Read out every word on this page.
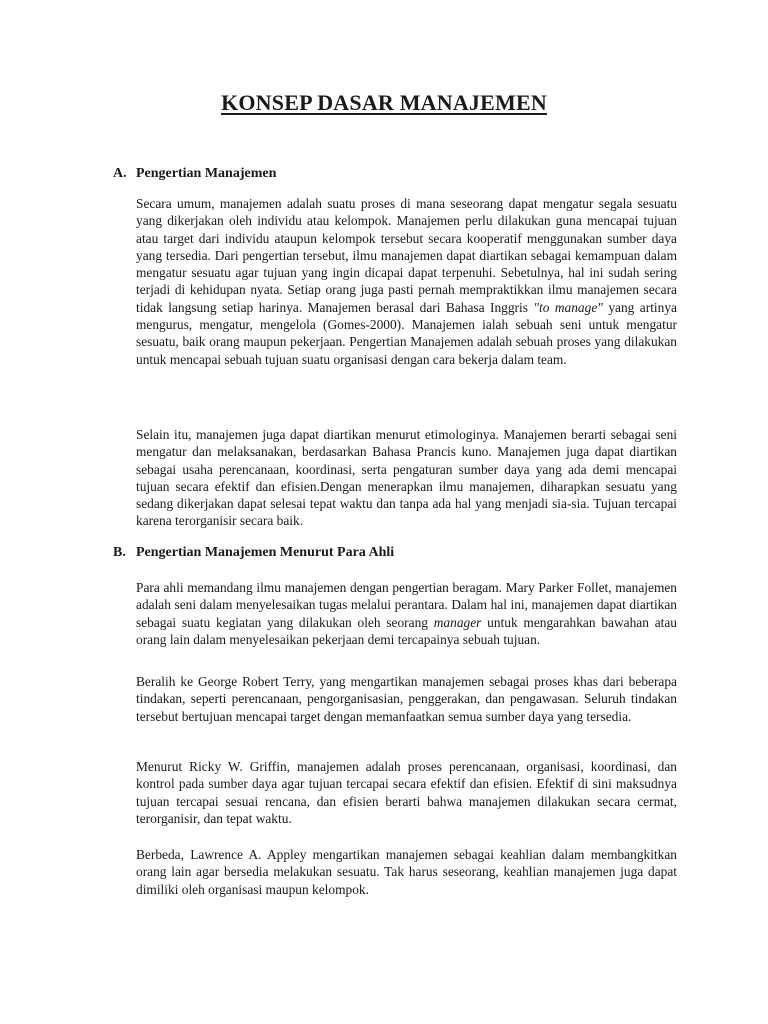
KONSEP DASAR MANAJEMEN
A. Pengertian Manajemen

Secara umum, manajemen adalah suatu proses di mana seseorang dapat mengatur segala sesuatu yang dikerjakan oleh individu atau kelompok. Manajemen perlu dilakukan guna mencapai tujuan atau target dari individu ataupun kelompok tersebut secara kooperatif menggunakan sumber daya yang tersedia. Dari pengertian tersebut, ilmu manajemen dapat diartikan sebagai kemampuan dalam mengatur sesuatu agar tujuan yang ingin dicapai dapat terpenuhi. Sebetulnya, hal ini sudah sering terjadi di kehidupan nyata. Setiap orang juga pasti pernah mempraktikkan ilmu manajemen secara tidak langsung setiap harinya. Manajemen berasal dari Bahasa Inggris "to manage" yang artinya mengurus, mengatur, mengelola (Gomes-2000). Manajemen ialah sebuah seni untuk mengatur sesuatu, baik orang maupun pekerjaan. Pengertian Manajemen adalah sebuah proses yang dilakukan untuk mencapai sebuah tujuan suatu organisasi dengan cara bekerja dalam team.

Selain itu, manajemen juga dapat diartikan menurut etimologinya. Manajemen berarti sebagai seni mengatur dan melaksanakan, berdasarkan Bahasa Prancis kuno. Manajemen juga dapat diartikan sebagai usaha perencanaan, koordinasi, serta pengaturan sumber daya yang ada demi mencapai tujuan secara efektif dan efisien.Dengan menerapkan ilmu manajemen, diharapkan sesuatu yang sedang dikerjakan dapat selesai tepat waktu dan tanpa ada hal yang menjadi sia-sia. Tujuan tercapai karena terorganisir secara baik.

B. Pengertian Manajemen Menurut Para Ahli

Para ahli memandang ilmu manajemen dengan pengertian beragam. Mary Parker Follet, manajemen adalah seni dalam menyelesaikan tugas melalui perantara. Dalam hal ini, manajemen dapat diartikan sebagai suatu kegiatan yang dilakukan oleh seorang manager untuk mengarahkan bawahan atau orang lain dalam menyelesaikan pekerjaan demi tercapainya sebuah tujuan.

Beralih ke George Robert Terry, yang mengartikan manajemen sebagai proses khas dari beberapa tindakan, seperti perencanaan, pengorganisasian, penggerakan, dan pengawasan. Seluruh tindakan tersebut bertujuan mencapai target dengan memanfaatkan semua sumber daya yang tersedia.

Menurut Ricky W. Griffin, manajemen adalah proses perencanaan, organisasi, koordinasi, dan kontrol pada sumber daya agar tujuan tercapai secara efektif dan efisien. Efektif di sini maksudnya tujuan tercapai sesuai rencana, dan efisien berarti bahwa manajemen dilakukan secara cermat, terorganisir, dan tepat waktu.

Berbeda, Lawrence A. Appley mengartikan manajemen sebagai keahlian dalam membangkitkan orang lain agar bersedia melakukan sesuatu. Tak harus seseorang, keahlian manajemen juga dapat dimiliki oleh organisasi maupun kelompok.
